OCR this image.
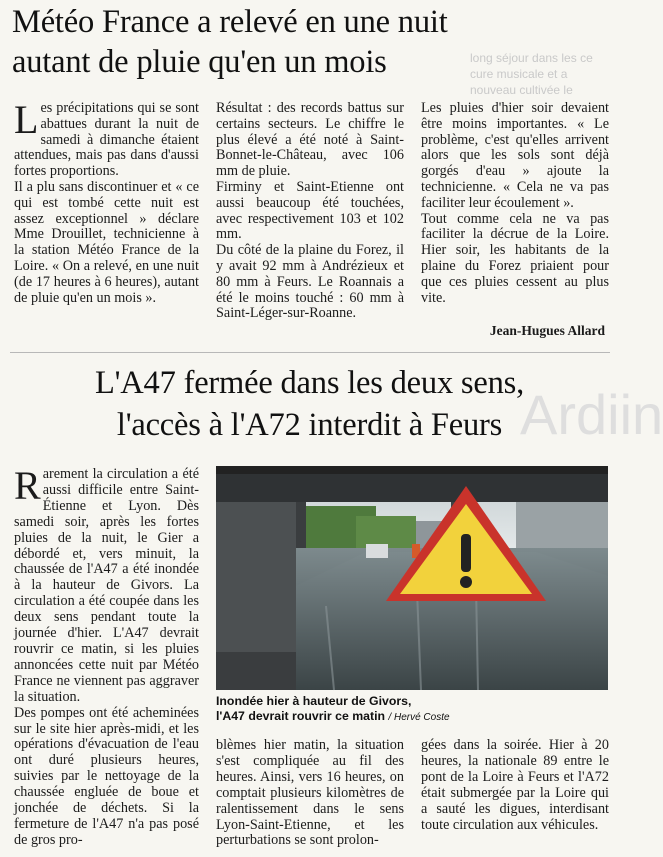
long séjour dans les ce cure musicale et a nouveau cultivée le
Ardiin
Météo France a relevé en une nuit
autant de pluie qu'en un mois

Les précipitations qui se sont abattues durant la nuit de samedi à dimanche étaient attendues, mais pas dans d'aussi fortes proportions.

Il a plu sans discontinuer et « ce qui est tombé cette nuit est assez exceptionnel » déclare Mme Drouillet, technicienne à la station Météo France de la Loire. « On a relevé, en une nuit (de 17 heures à 6 heures), autant de pluie qu'en un mois ».

Résultat : des records battus sur certains secteurs. Le chiffre le plus élevé a été noté à Saint-Bonnet-le-Château, avec 106 mm de pluie.

Firminy et Saint-Etienne ont aussi beaucoup été touchées, avec respectivement 103 et 102 mm.

Du côté de la plaine du Forez, il y avait 92 mm à Andrézieux et 80 mm à Feurs. Le Roannais a été le moins touché : 60 mm à Saint-Léger-sur-Roanne.

Les pluies d'hier soir devaient être moins importantes. « Le problème, c'est qu'elles arrivent alors que les sols sont déjà gorgés d'eau » ajoute la technicienne. « Cela ne va pas faciliter leur écoulement ».

Tout comme cela ne va pas faciliter la décrue de la Loire. Hier soir, les habitants de la plaine du Forez priaient pour que ces pluies cessent au plus vite.

Jean-Hugues Allard
L'A47 fermée dans les deux sens,
l'accès à l'A72 interdit à Feurs

Rarement la circulation a été aussi difficile entre Saint-Étienne et Lyon. Dès samedi soir, après les fortes pluies de la nuit, le Gier a débordé et, vers minuit, la chaussée de l'A47 a été inondée à la hauteur de Givors. La circulation a été coupée dans les deux sens pendant toute la journée d'hier. L'A47 devrait rouvrir ce matin, si les pluies annoncées cette nuit par Météo France ne viennent pas aggraver la situation.

Des pompes ont été acheminées sur le site hier après-midi, et les opérations d'évacuation de l'eau ont duré plusieurs heures, suivies par le nettoyage de la chaussée engluée de boue et jonchée de déchets. Si la fermeture de l'A47 n'a pas posé de gros pro-

Inondée hier à hauteur de Givors,
l'A47 devrait rouvrir ce matin / Hervé Coste

blèmes hier matin, la situation s'est compliquée au fil des heures. Ainsi, vers 16 heures, on comptait plusieurs kilomètres de ralentissement dans le sens Lyon-Saint-Etienne, et les perturbations se sont prolon-

gées dans la soirée. Hier à 20 heures, la nationale 89 entre le pont de la Loire à Feurs et l'A72 était submergée par la Loire qui a sauté les digues, interdisant toute circulation aux véhicules.
